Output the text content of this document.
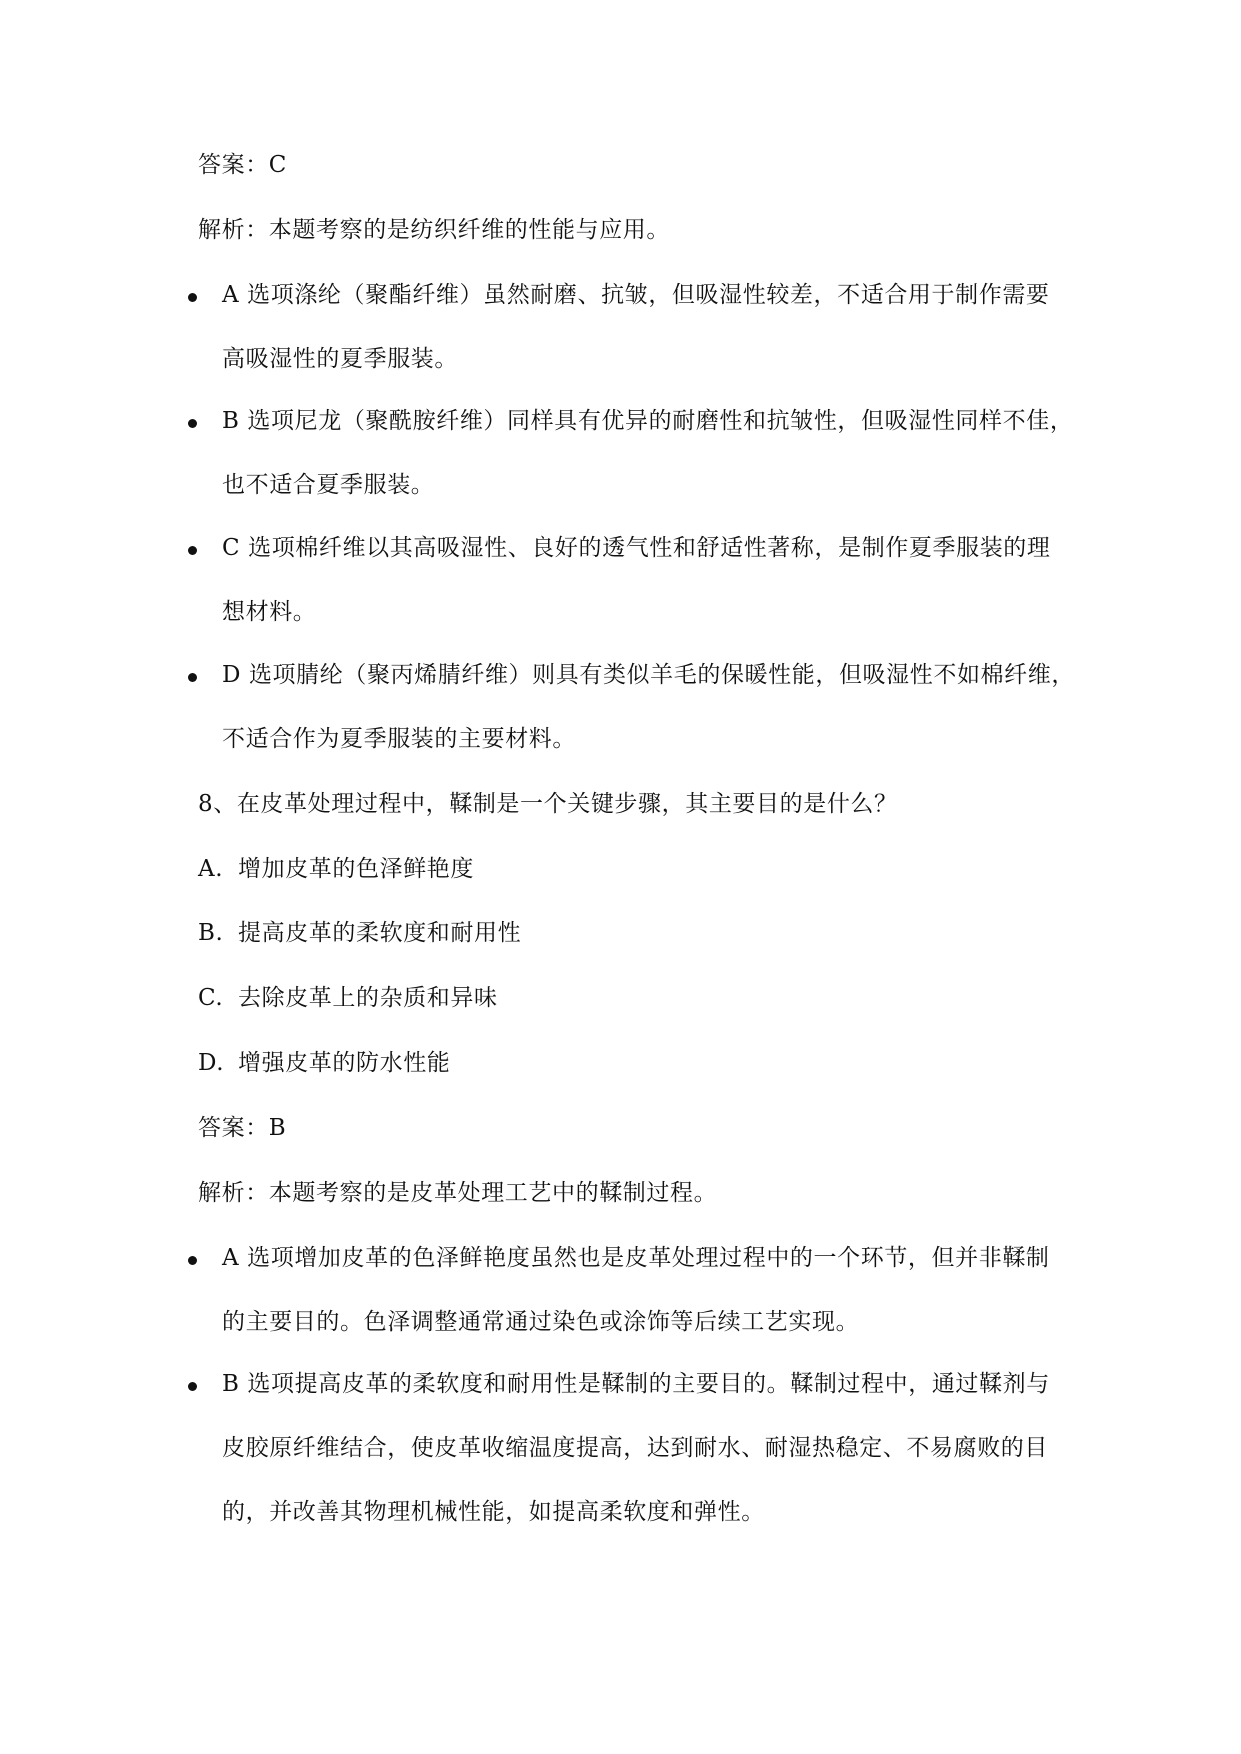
答案：C
解析：本题考察的是纺织纤维的性能与应用。
A 选项涤纶（聚酯纤维）虽然耐磨、抗皱，但吸湿性较差，不适合用于制作需要
高吸湿性的夏季服装。
B 选项尼龙（聚酰胺纤维）同样具有优异的耐磨性和抗皱性，但吸湿性同样不佳，
也不适合夏季服装。
C 选项棉纤维以其高吸湿性、良好的透气性和舒适性著称，是制作夏季服装的理
想材料。
D 选项腈纶（聚丙烯腈纤维）则具有类似羊毛的保暖性能，但吸湿性不如棉纤维，
不适合作为夏季服装的主要材料。
8、在皮革处理过程中，鞣制是一个关键步骤，其主要目的是什么？
A. 增加皮革的色泽鲜艳度
B. 提高皮革的柔软度和耐用性
C. 去除皮革上的杂质和异味
D. 增强皮革的防水性能
答案：B
解析：本题考察的是皮革处理工艺中的鞣制过程。
A 选项增加皮革的色泽鲜艳度虽然也是皮革处理过程中的一个环节，但并非鞣制
的主要目的。色泽调整通常通过染色或涂饰等后续工艺实现。
B 选项提高皮革的柔软度和耐用性是鞣制的主要目的。鞣制过程中，通过鞣剂与
皮胶原纤维结合，使皮革收缩温度提高，达到耐水、耐湿热稳定、不易腐败的目
的，并改善其物理机械性能，如提高柔软度和弹性。
